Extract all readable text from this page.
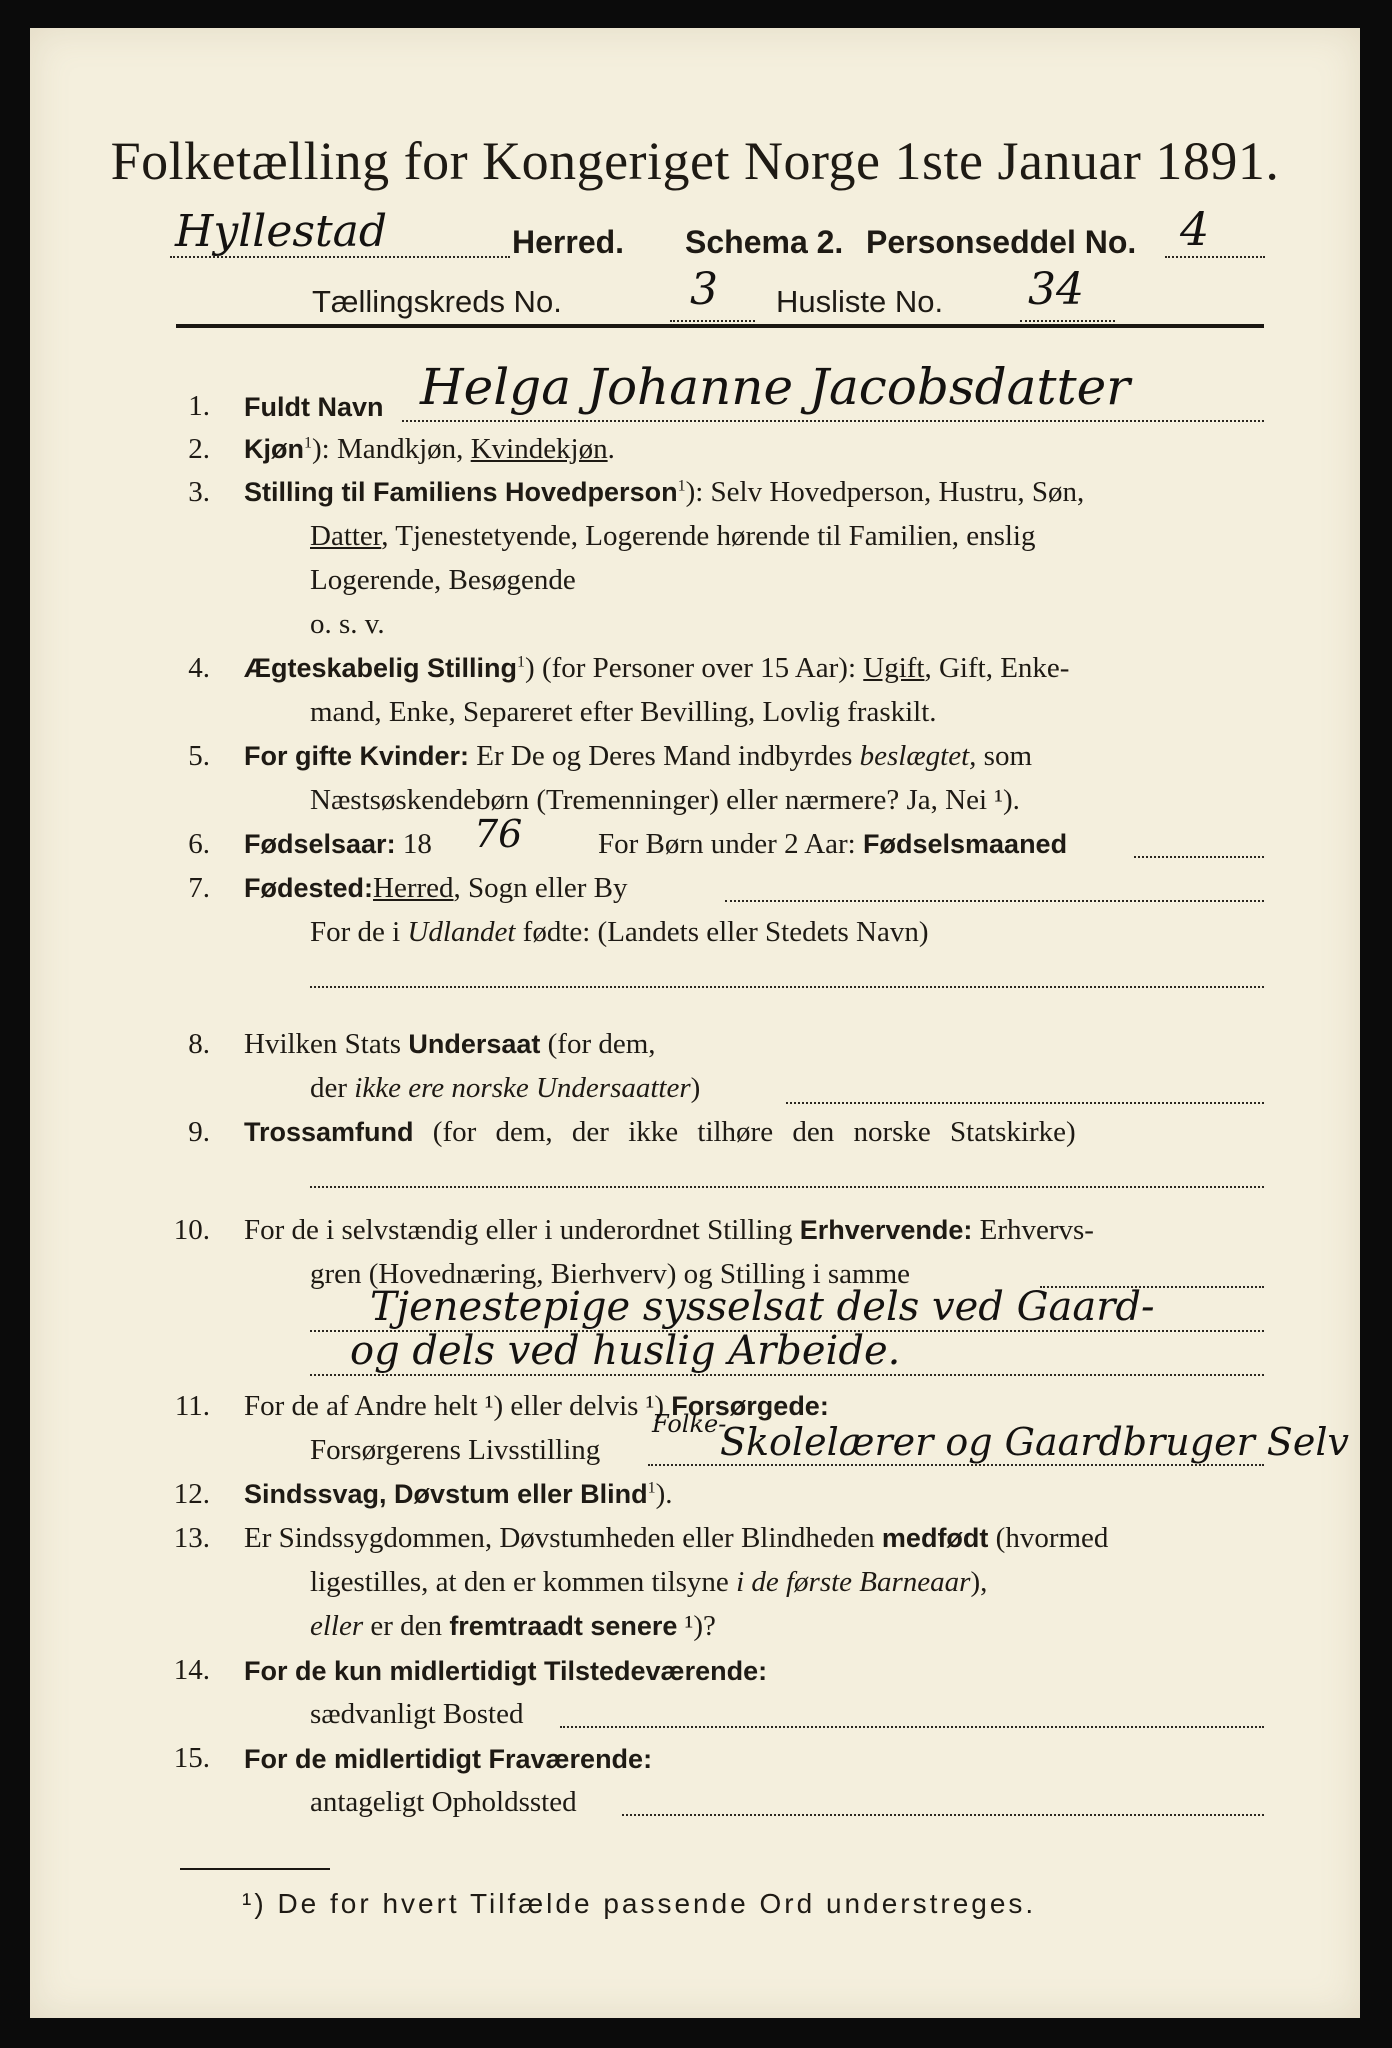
Folketælling for Kongeriget Norge 1ste Januar 1891.
Hyllestad	Herred. Schema 2. Personseddel No. 4
Tællingskreds No.	3 Husliste No. 34
1. Fuldt Navn Helga Johanne Jacobsdatter
2. Kjøn$^1$): Mandkjøn, Kvindekjøn.
3. Stilling til Familiens Hovedperson$^1$): Selv Hovedperson, Hustru, Søn,
Datter, Tjenestetyende, Logerende hørende til Familien, enslig
Logerende, Besøgende
o. s. v.
4. Ægteskabelig Stilling$^1$) (for Personer over 15 Aar): Ugift, Gift, Enke-
mand, Enke, Separeret efter Bevilling, Lovlig fraskilt.
5. For gifte Kvinder: Er De og Deres Mand indbyrdes beslægtet, som
Næstsøskendebørn (Tremenninger) eller nærmere? Ja, Nei ¹).
6. Fødselsaar: 18 76	For Børn under 2 Aar: Fødselsmaaned
7. Fødested:Herred, Sogn eller By
For de i Udlandet fødte: (Landets eller Stedets Navn)
8. Hvilken Stats Undersaat (for dem,
der ikke ere norske Undersaatter)
9. Trossamfund (for dem, der ikke tilhøre den norske Statskirke)
10. For de i selvstændig eller i underordnet Stilling Erhvervende: Erhvervs-
gren (Hovednæring, Bierhverv) og Stilling i samme
Tjenestepige sysselsat dels ved Gaard-
og dels ved huslig Arbeide.
11. For de af Andre helt ¹) eller delvis ¹) Forsørgede:
Forsørgerens Livsstilling
Folke-
Skolelærer og Gaardbruger Selv
12. Sindssvag, Døvstum eller Blind$^1$).
13. Er Sindssygdommen, Døvstumheden eller Blindheden medfødt (hvormed
ligestilles, at den er kommen tilsyne i de første Barneaar),
eller er den fremtraadt senere ¹)?
14. For de kun midlertidigt Tilstedeværende:
sædvanligt Bosted
15. For de midlertidigt Fraværende:
antageligt Opholdssted
¹) De for hvert Tilfælde passende Ord understreges.
